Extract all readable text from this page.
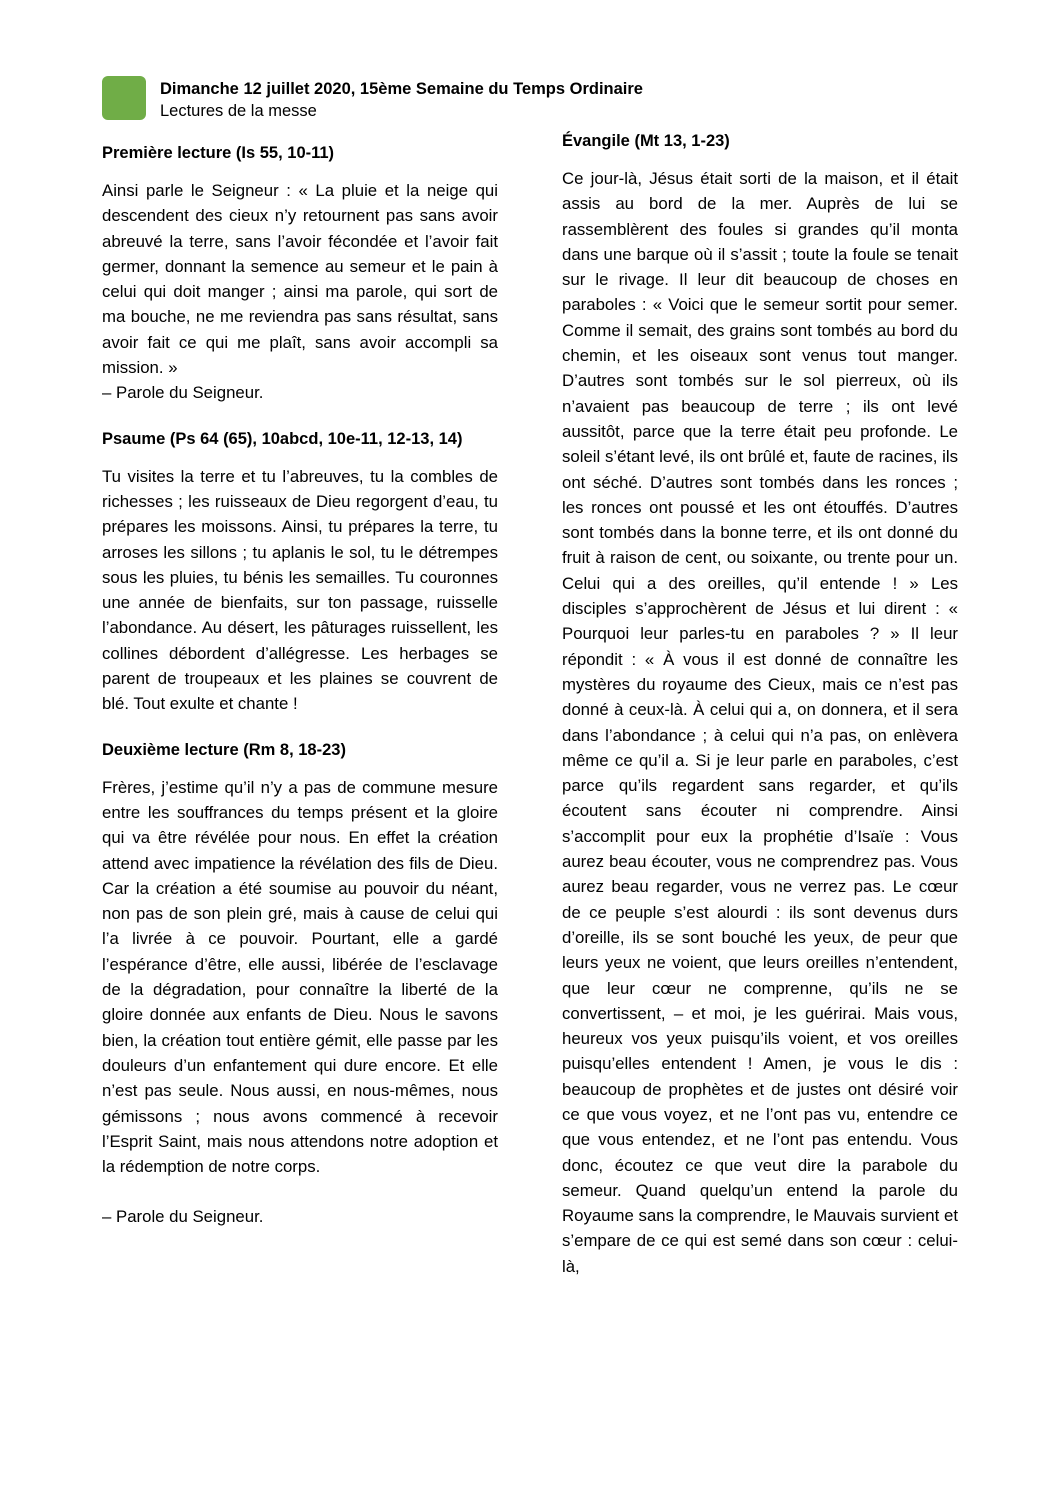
Dimanche 12 juillet 2020, 15ème Semaine du Temps Ordinaire
Lectures de la messe
Première lecture (Is 55, 10-11)

Ainsi parle le Seigneur : « La pluie et la neige qui descendent des cieux n’y retournent pas sans avoir abreuvé la terre, sans l’avoir fécondée et l’avoir fait germer, donnant la semence au semeur et le pain à celui qui doit manger ; ainsi ma parole, qui sort de ma bouche, ne me reviendra pas sans résultat, sans avoir fait ce qui me plaît, sans avoir accompli sa mission. »

– Parole du Seigneur.

Psaume (Ps 64 (65), 10abcd, 10e-11, 12-13, 14)

Tu visites la terre et tu l’abreuves, tu la combles de richesses ; les ruisseaux de Dieu regorgent d’eau, tu prépares les moissons. Ainsi, tu prépares la terre, tu arroses les sillons ; tu aplanis le sol, tu le détrempes sous les pluies, tu bénis les semailles. Tu couronnes une année de bienfaits, sur ton passage, ruisselle l’abondance. Au désert, les pâturages ruissellent, les collines débordent d’allégresse. Les herbages se parent de troupeaux et les plaines se couvrent de blé. Tout exulte et chante !

Deuxième lecture (Rm 8, 18-23)

Frères, j’estime qu’il n’y a pas de commune mesure entre les souffrances du temps présent et la gloire qui va être révélée pour nous. En effet la création attend avec impatience la révélation des fils de Dieu. Car la création a été soumise au pouvoir du néant, non pas de son plein gré, mais à cause de celui qui l’a livrée à ce pouvoir. Pourtant, elle a gardé l’espérance d’être, elle aussi, libérée de l’esclavage de la dégradation, pour connaître la liberté de la gloire donnée aux enfants de Dieu. Nous le savons bien, la création tout entière gémit, elle passe par les douleurs d’un enfantement qui dure encore. Et elle n’est pas seule. Nous aussi, en nous-mêmes, nous gémissons ; nous avons commencé à recevoir l’Esprit Saint, mais nous attendons notre adoption et la rédemption de notre corps.

– Parole du Seigneur.

Évangile (Mt 13, 1-23)

Ce jour-là, Jésus était sorti de la maison, et il était assis au bord de la mer. Auprès de lui se rassemblèrent des foules si grandes qu’il monta dans une barque où il s’assit ; toute la foule se tenait sur le rivage. Il leur dit beaucoup de choses en paraboles : « Voici que le semeur sortit pour semer. Comme il semait, des grains sont tombés au bord du chemin, et les oiseaux sont venus tout manger. D’autres sont tombés sur le sol pierreux, où ils n’avaient pas beaucoup de terre ; ils ont levé aussitôt, parce que la terre était peu profonde. Le soleil s’étant levé, ils ont brûlé et, faute de racines, ils ont séché. D’autres sont tombés dans les ronces ; les ronces ont poussé et les ont étouffés. D’autres sont tombés dans la bonne terre, et ils ont donné du fruit à raison de cent, ou soixante, ou trente pour un. Celui qui a des oreilles, qu’il entende ! » Les disciples s’approchèrent de Jésus et lui dirent : « Pourquoi leur parles-tu en paraboles ? » Il leur répondit : « À vous il est donné de connaître les mystères du royaume des Cieux, mais ce n’est pas donné à ceux-là. À celui qui a, on donnera, et il sera dans l’abondance ; à celui qui n’a pas, on enlèvera même ce qu’il a. Si je leur parle en paraboles, c’est parce qu’ils regardent sans regarder, et qu’ils écoutent sans écouter ni comprendre. Ainsi s’accomplit pour eux la prophétie d’Isaïe : Vous aurez beau écouter, vous ne comprendrez pas. Vous aurez beau regarder, vous ne verrez pas. Le cœur de ce peuple s’est alourdi : ils sont devenus durs d’oreille, ils se sont bouché les yeux, de peur que leurs yeux ne voient, que leurs oreilles n’entendent, que leur cœur ne comprenne, qu’ils ne se convertissent, – et moi, je les guérirai. Mais vous, heureux vos yeux puisqu’ils voient, et vos oreilles puisqu’elles entendent ! Amen, je vous le dis : beaucoup de prophètes et de justes ont désiré voir ce que vous voyez, et ne l’ont pas vu, entendre ce que vous entendez, et ne l’ont pas entendu. Vous donc, écoutez ce que veut dire la parabole du semeur. Quand quelqu’un entend la parole du Royaume sans la comprendre, le Mauvais survient et s’empare de ce qui est semé dans son cœur : celui-là,
